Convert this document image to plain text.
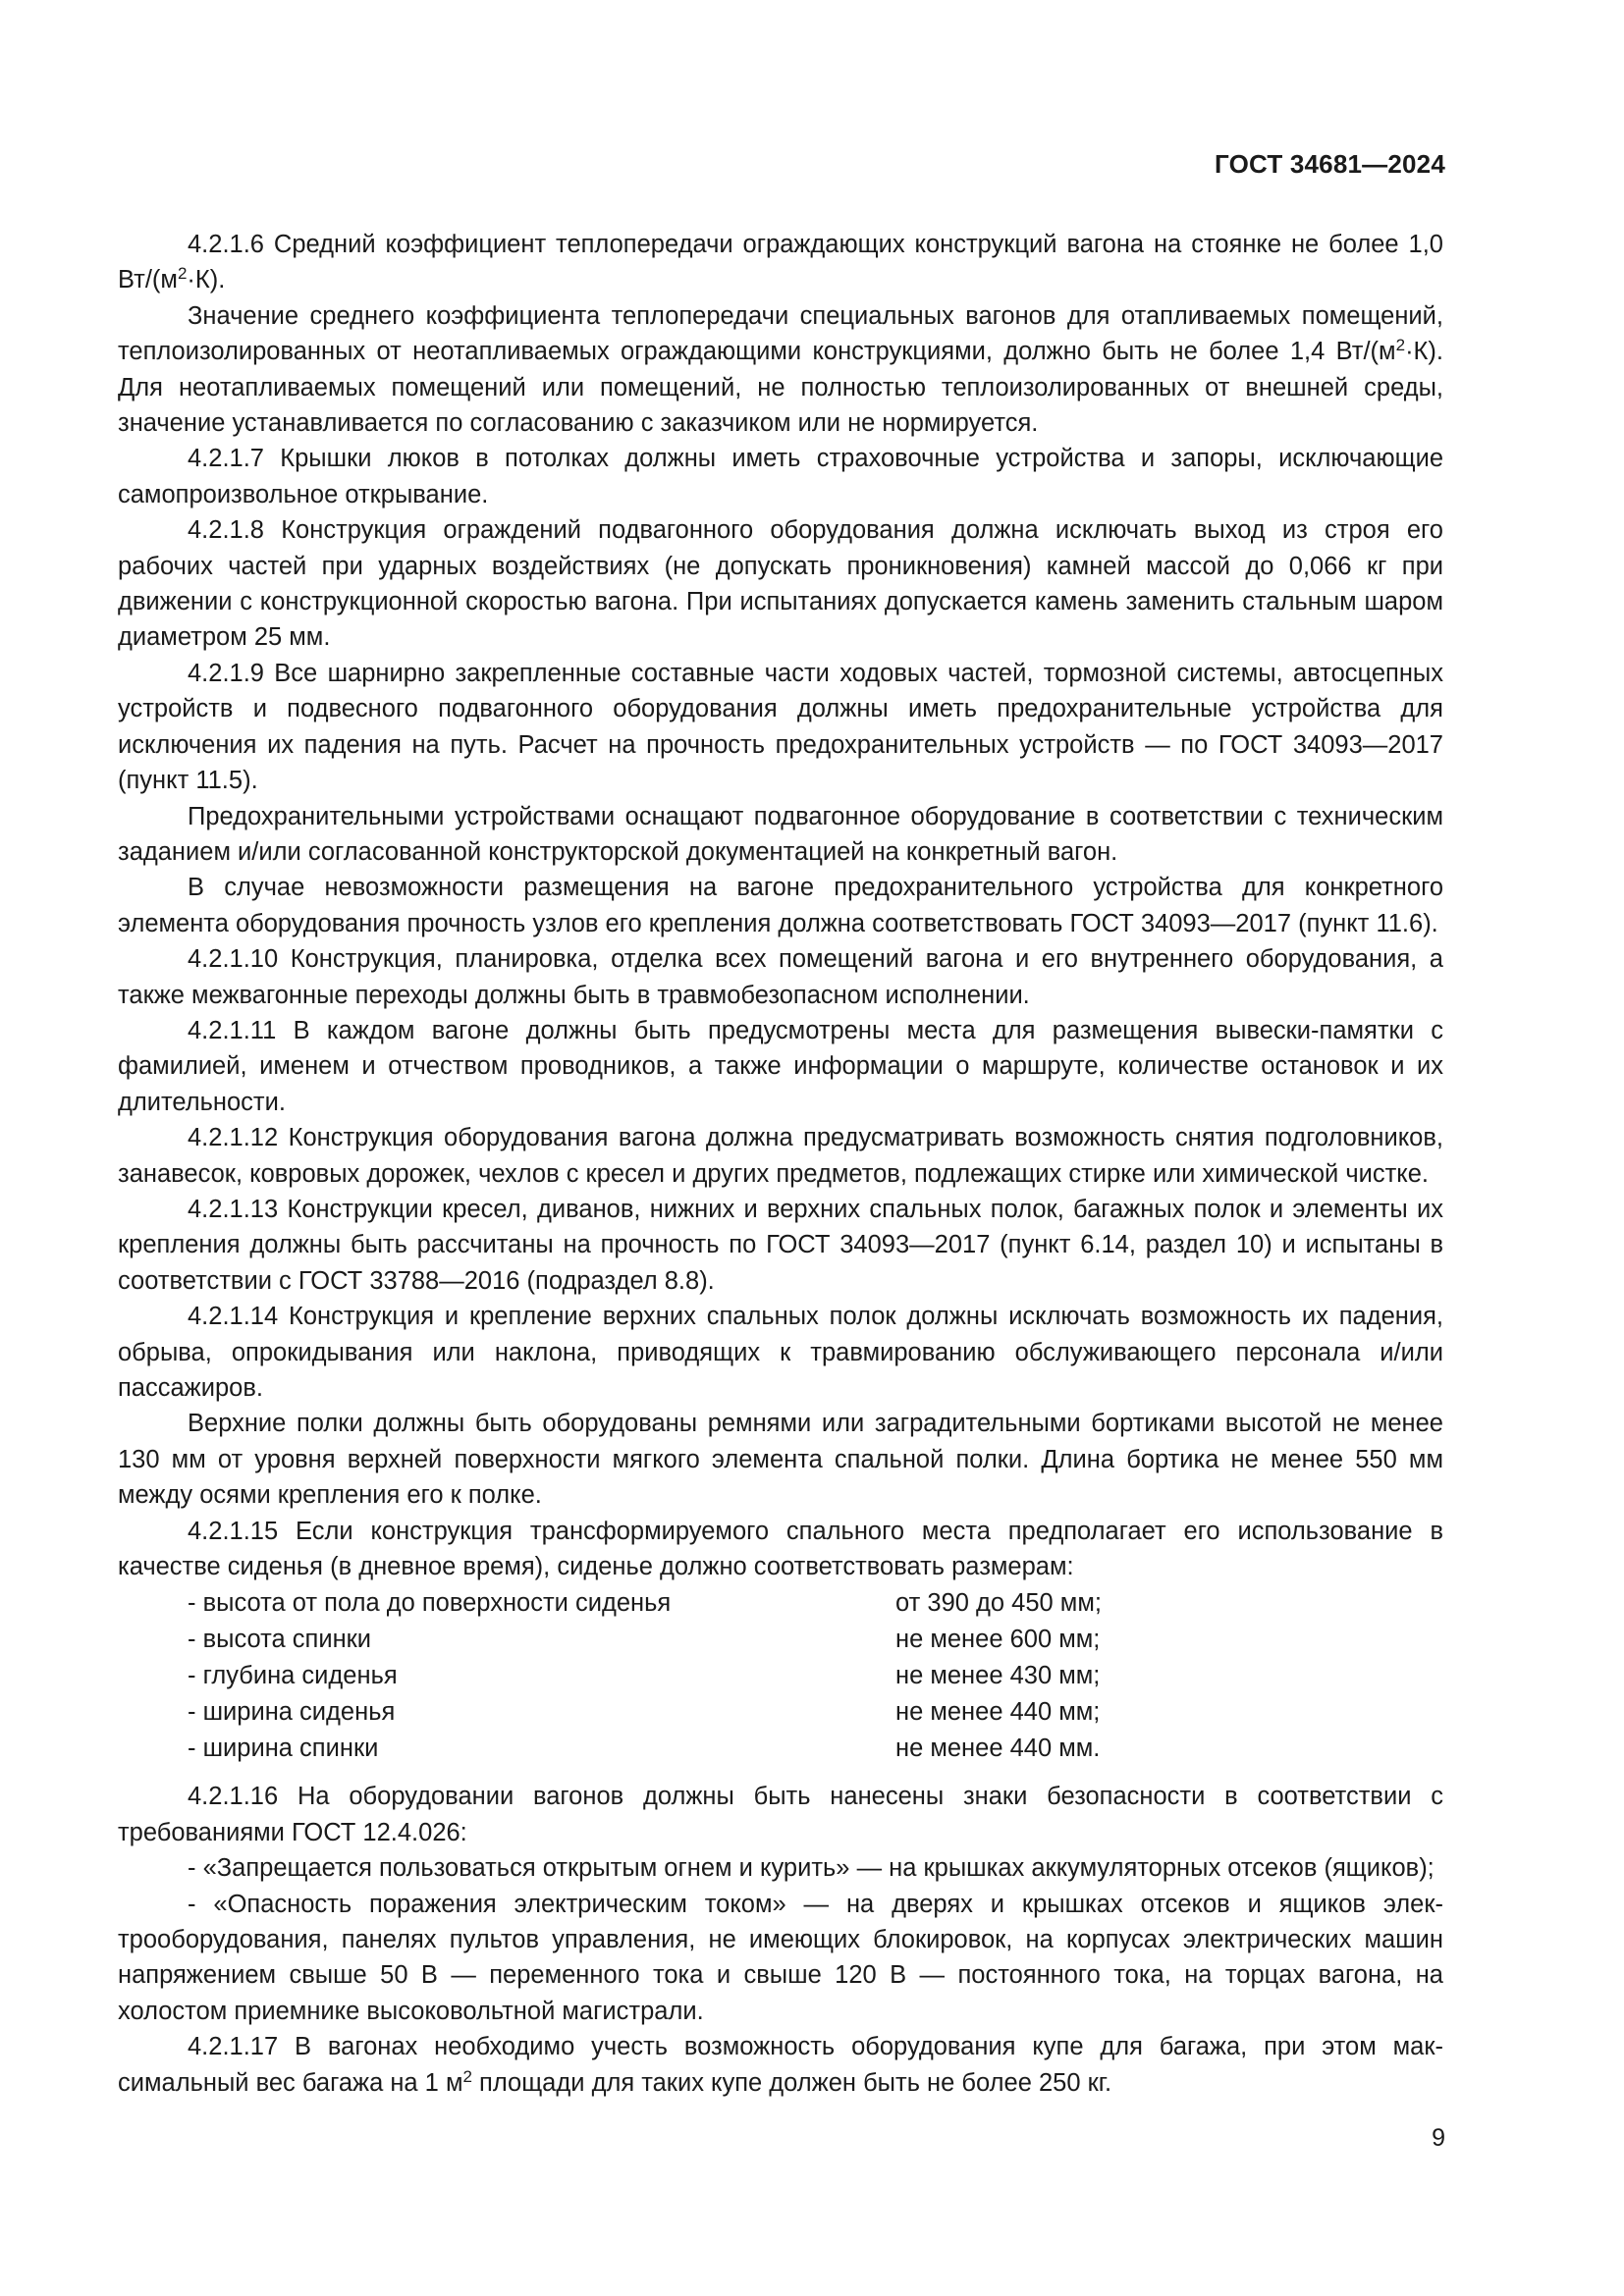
ГОСТ 34681—2024

4.2.1.6 Средний коэффициент теплопередачи ограждающих конструкций вагона на стоянке не более 1,0 $Вт/(м^2\cdot К)$.

Значение среднего коэффициента теплопередачи специальных вагонов для отапливаемых помещений, теплоизолированных от неотапливаемых ограждающими конструкциями, должно быть не более 1,4 $Вт/(м^2\cdot К)$. Для неотапливаемых помещений или помещений, не полностью теплоизолированных от внешней среды, значение устанавливается по согласованию с заказчиком или не нормируется.

4.2.1.7 Крышки люков в потолках должны иметь страховочные устройства и запоры, исключающие самопроизвольное открывание.

4.2.1.8 Конструкция ограждений подвагонного оборудования должна исключать выход из строя его рабочих частей при ударных воздействиях (не допускать проникновения) камней массой до 0,066 кг при движении с конструкционной скоростью вагона. При испытаниях допускается камень заменить стальным шаром диаметром 25 мм.

4.2.1.9 Все шарнирно закрепленные составные части ходовых частей, тормозной системы, автосцепных устройств и подвесного подвагонного оборудования должны иметь предохранительные устройства для исключения их падения на путь. Расчет на прочность предохранительных устройств — по ГОСТ 34093—2017 (пункт 11.5).

Предохранительными устройствами оснащают подвагонное оборудование в соответствии с техническим заданием и/или согласованной конструкторской документацией на конкретный вагон.

В случае невозможности размещения на вагоне предохранительного устройства для конкретного элемента оборудования прочность узлов его крепления должна соответствовать ГОСТ 34093—2017 (пункт 11.6).

4.2.1.10 Конструкция, планировка, отделка всех помещений вагона и его внутреннего оборудования, а также межвагонные переходы должны быть в травмобезопасном исполнении.

4.2.1.11 В каждом вагоне должны быть предусмотрены места для размещения вывески-памятки с фамилией, именем и отчеством проводников, а также информации о маршруте, количестве остановок и их длительности.

4.2.1.12 Конструкция оборудования вагона должна предусматривать возможность снятия подголовников, занавесок, ковровых дорожек, чехлов с кресел и других предметов, подлежащих стирке или химической чистке.

4.2.1.13 Конструкции кресел, диванов, нижних и верхних спальных полок, багажных полок и элементы их крепления должны быть рассчитаны на прочность по ГОСТ 34093—2017 (пункт 6.14, раздел 10) и испытаны в соответствии с ГОСТ 33788—2016 (подраздел 8.8).

4.2.1.14 Конструкция и крепление верхних спальных полок должны исключать возможность их падения, обрыва, опрокидывания или наклона, приводящих к травмированию обслуживающего персонала и/или пассажиров.

Верхние полки должны быть оборудованы ремнями или заградительными бортиками высотой не менее 130 мм от уровня верхней поверхности мягкого элемента спальной полки. Длина бортика не менее 550 мм между осями крепления его к полке.

4.2.1.15 Если конструкция трансформируемого спального места предполагает его использование в качестве сиденья (в дневное время), сиденье должно соответствовать размерам:

- высота от пола до поверхности сиденья	от 390 до 450 мм;
- высота спинки	не менее 600 мм;
- глубина сиденья	не менее 430 мм;
- ширина сиденья	не менее 440 мм;
- ширина спинки	не менее 440 мм.

4.2.1.16 На оборудовании вагонов должны быть нанесены знаки безопасности в соответствии с требованиями ГОСТ 12.4.026:

- «Запрещается пользоваться открытым огнем и курить» — на крышках аккумуляторных отсеков (ящиков);

- «Опасность поражения электрическим током» — на дверях и крышках отсеков и ящиков электрооборудования, панелях пультов управления, не имеющих блокировок, на корпусах электрических машин напряжением свыше 50 В — переменного тока и свыше 120 В — постоянного тока, на торцах вагона, на холостом приемнике высоковольтной магистрали.

4.2.1.17 В вагонах необходимо учесть возможность оборудования купе для багажа, при этом максимальный вес багажа на 1 $м^2$ площади для таких купе должен быть не более 250 кг.

9
